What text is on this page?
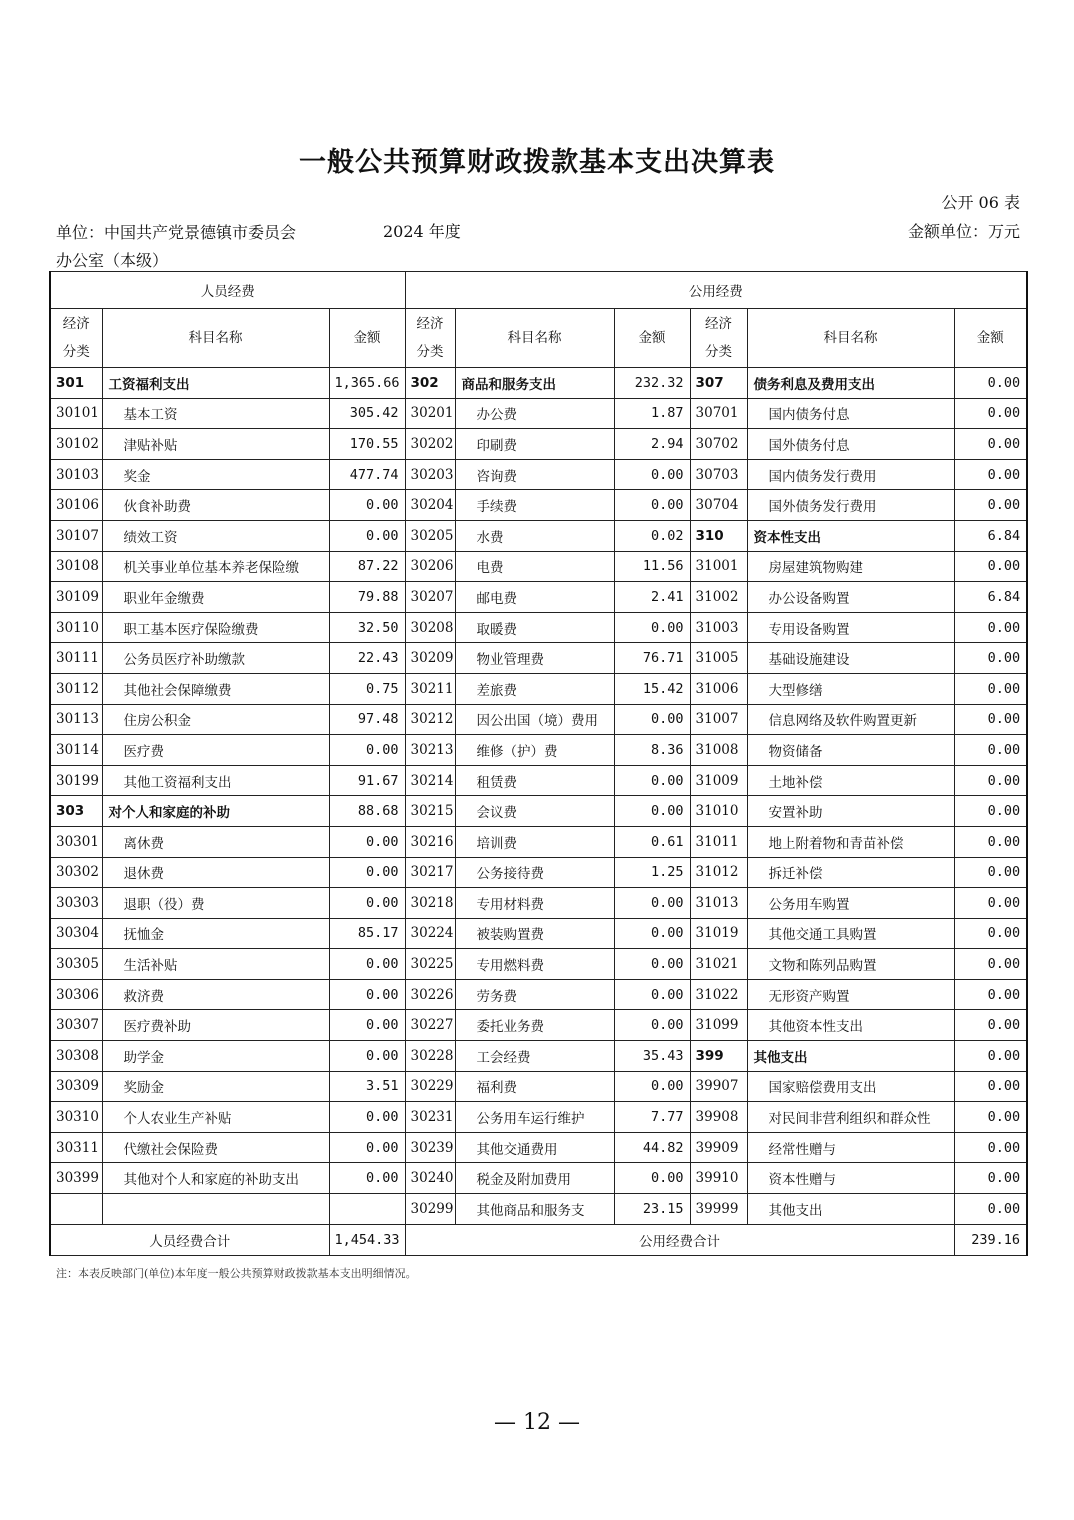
一般公共预算财政拨款基本支出决算表
公开 06 表
单位：中国共产党景德镇市委员会
办公室（本级）
2024 年度	金额单位：万元
人员经费			公用经费					
经济
分类	科目名称	金额	经济
分类	科目名称	金额	经济
分类	科目名称	金额
301	工资福利支出	1,365.66	302	商品和服务支出	232.32	307	债务利息及费用支出	0.00
30101	基本工资	305.42	30201	办公费	1.87	30701	国内债务付息	0.00
30102	津贴补贴	170.55	30202	印刷费	2.94	30702	国外债务付息	0.00
30103	奖金	477.74	30203	咨询费	0.00	30703	国内债务发行费用	0.00
30106	伙食补助费	0.00	30204	手续费	0.00	30704	国外债务发行费用	0.00
30107	绩效工资	0.00	30205	水费	0.02	310	资本性支出	6.84
30108	机关事业单位基本养老保险缴	87.22	30206	电费	11.56	31001	房屋建筑物购建	0.00
30109	职业年金缴费	79.88	30207	邮电费	2.41	31002	办公设备购置	6.84
30110	职工基本医疗保险缴费	32.50	30208	取暖费	0.00	31003	专用设备购置	0.00
30111	公务员医疗补助缴款	22.43	30209	物业管理费	76.71	31005	基础设施建设	0.00
30112	其他社会保障缴费	0.75	30211	差旅费	15.42	31006	大型修缮	0.00
30113	住房公积金	97.48	30212	因公出国（境）费用	0.00	31007	信息网络及软件购置更新	0.00
30114	医疗费	0.00	30213	维修（护）费	8.36	31008	物资储备	0.00
30199	其他工资福利支出	91.67	30214	租赁费	0.00	31009	土地补偿	0.00
303	对个人和家庭的补助	88.68	30215	会议费	0.00	31010	安置补助	0.00
30301	离休费	0.00	30216	培训费	0.61	31011	地上附着物和青苗补偿	0.00
30302	退休费	0.00	30217	公务接待费	1.25	31012	拆迁补偿	0.00
30303	退职（役）费	0.00	30218	专用材料费	0.00	31013	公务用车购置	0.00
30304	抚恤金	85.17	30224	被装购置费	0.00	31019	其他交通工具购置	0.00
30305	生活补贴	0.00	30225	专用燃料费	0.00	31021	文物和陈列品购置	0.00
30306	救济费	0.00	30226	劳务费	0.00	31022	无形资产购置	0.00
30307	医疗费补助	0.00	30227	委托业务费	0.00	31099	其他资本性支出	0.00
30308	助学金	0.00	30228	工会经费	35.43	399	其他支出	0.00
30309	奖励金	3.51	30229	福利费	0.00	39907	国家赔偿费用支出	0.00
30310	个人农业生产补贴	0.00	30231	公务用车运行维护	7.77	39908	对民间非营利组织和群众性	0.00
30311	代缴社会保险费	0.00	30239	其他交通费用	44.82	39909	经常性赠与	0.00
30399	其他对个人和家庭的补助支出	0.00	30240	税金及附加费用	0.00	39910	资本性赠与	0.00
			30299	其他商品和服务支	23.15	39999	其他支出	0.00
人员经费合计		1,454.33	公用经费合计					239.16
注：本表反映部门(单位)本年度一般公共预算财政拨款基本支出明细情况。
— 12 —
